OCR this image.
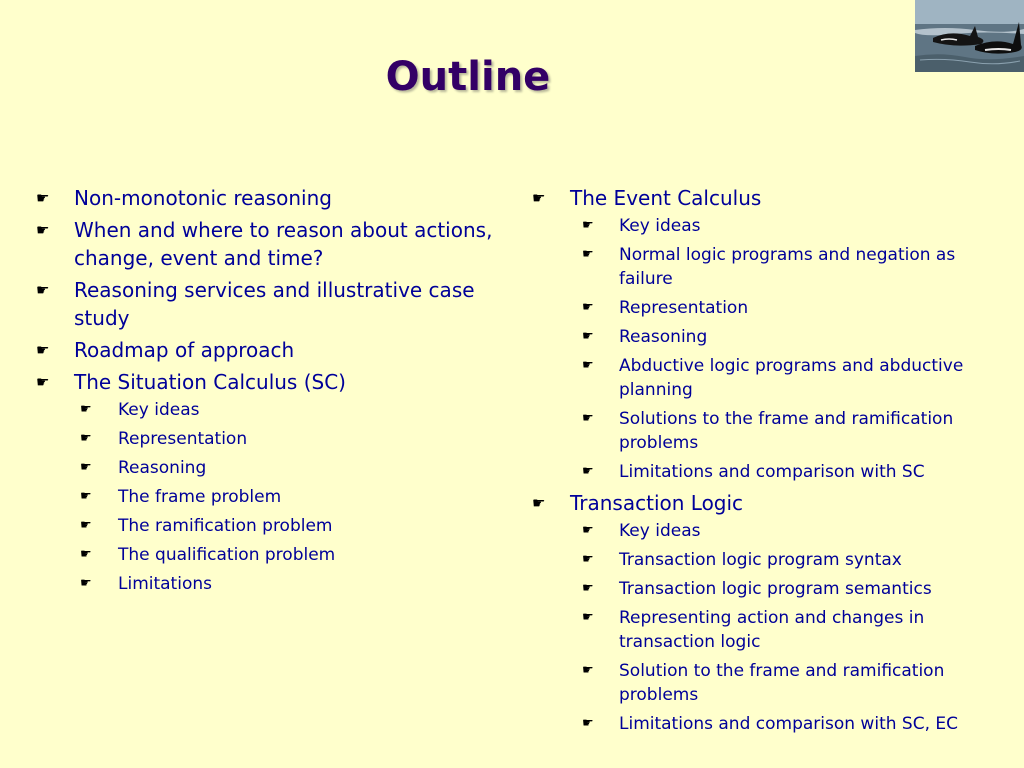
Outline
☛ Non-monotonic reasoning
☛ When and where to reason about actions, change, event and time?
☛ Reasoning services and illustrative case study
☛ Roadmap of approach
☛ The Situation Calculus (SC)
☛ Key ideas
☛ Representation
☛ Reasoning
☛ The frame problem
☛ The ramification problem
☛ The qualification problem
☛ Limitations
☛ The Event Calculus
☛ Key ideas
☛ Normal logic programs and negation as failure
☛ Representation
☛ Reasoning
☛ Abductive logic programs and abductive planning
☛ Solutions to the frame and ramification problems
☛ Limitations and comparison with SC
☛ Transaction Logic
☛ Key ideas
☛ Transaction logic program syntax
☛ Transaction logic program semantics
☛ Representing action and changes in transaction logic
☛ Solution to the frame and ramification problems
☛ Limitations and comparison with SC, EC
